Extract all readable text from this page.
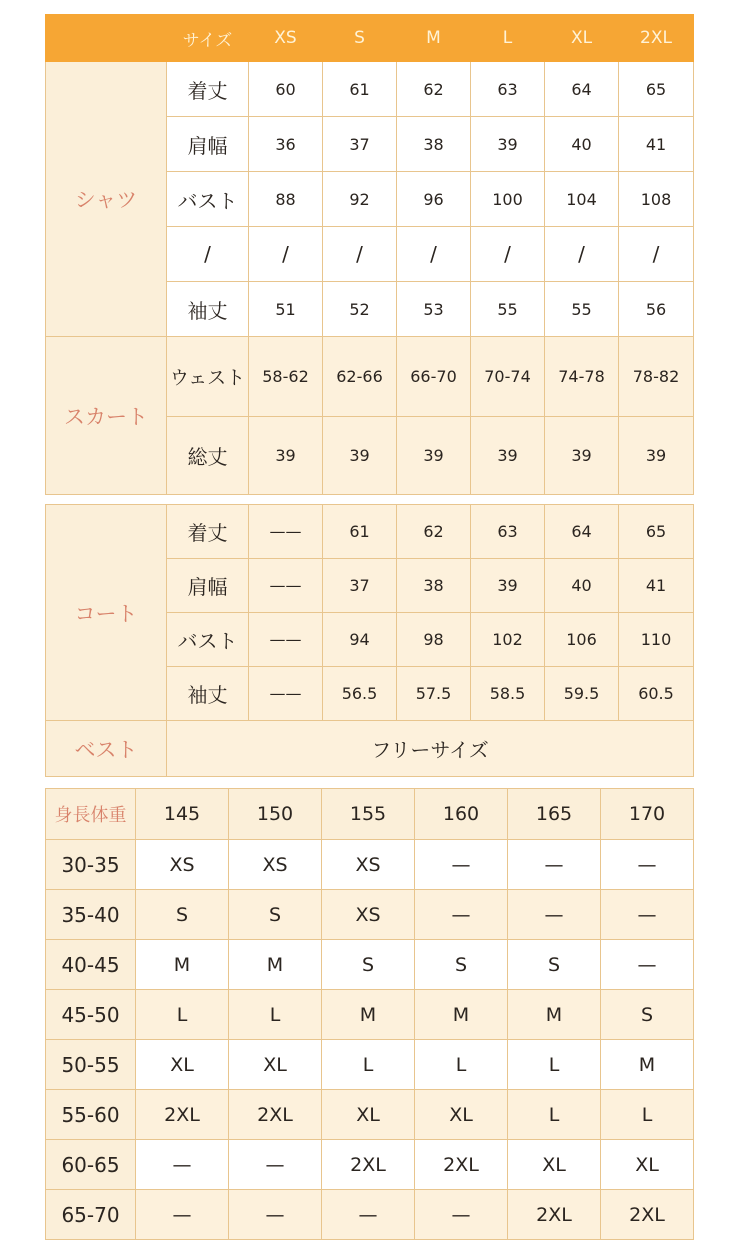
	サイズ	XS	S	M	L	XL	2XL
シャツ	着丈	60	61	62	63	64	65
	肩幅	36	37	38	39	40	41
	バスト	88	92	96	100	104	108
	/	/	/	/	/	/	/
	袖丈	51	52	53	55	55	56
スカート	ウェスト	58-62	62-66	66-70	70-74	74-78	78-82
	総丈	39	39	39	39	39	39
コート	着丈	——	61	62	63	64	65
	肩幅	——	37	38	39	40	41
	バスト	——	94	98	102	106	110
	袖丈	——	56.5	57.5	58.5	59.5	60.5
ベスト	フリーサイズ						
身長体重	145	150	155	160	165	170
30-35	XS	XS	XS	—	—	—
35-40	S	S	XS	—	—	—
40-45	M	M	S	S	S	—
45-50	L	L	M	M	M	S
50-55	XL	XL	L	L	L	M
55-60	2XL	2XL	XL	XL	L	L
60-65	—	—	2XL	2XL	XL	XL
65-70	—	—	—	—	2XL	2XL
